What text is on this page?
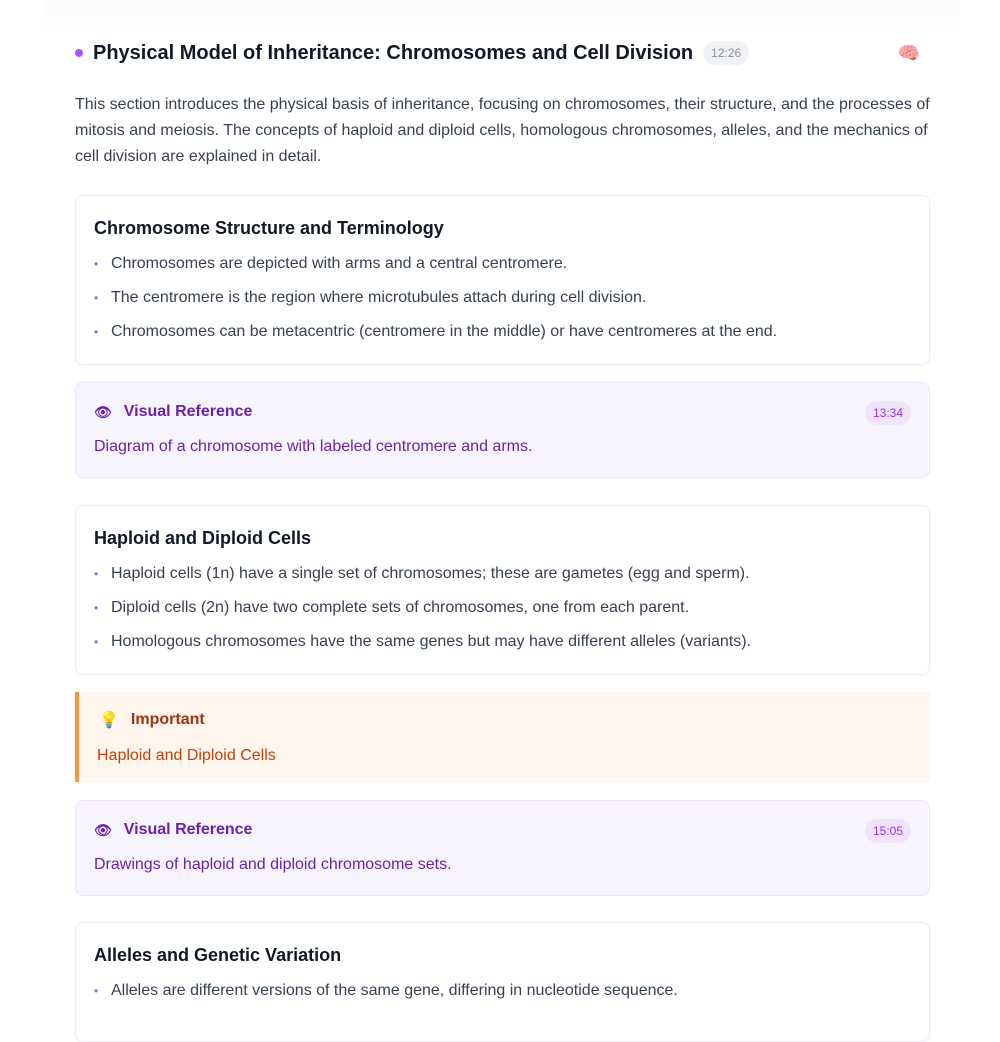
Physical Model of Inheritance: Chromosomes and Cell Division	12:26	🧠

This section introduces the physical basis of inheritance, focusing on chromosomes, their structure, and the processes of mitosis and meiosis. The concepts of haploid and diploid cells, homologous chromosomes, alleles, and the mechanics of cell division are explained in detail.

Chromosome Structure and Terminology
• Chromosomes are depicted with arms and a central centromere.
• The centromere is the region where microtubules attach during cell division.
• Chromosomes can be metacentric (centromere in the middle) or have centromeres at the end.
👁 Visual Reference	13:34
Diagram of a chromosome with labeled centromere and arms.
Haploid and Diploid Cells
• Haploid cells (1n) have a single set of chromosomes; these are gametes (egg and sperm).
• Diploid cells (2n) have two complete sets of chromosomes, one from each parent.
• Homologous chromosomes have the same genes but may have different alleles (variants).
💡 Important
Haploid and Diploid Cells
👁 Visual Reference	15:05
Drawings of haploid and diploid chromosome sets.
Alleles and Genetic Variation
• Alleles are different versions of the same gene, differing in nucleotide sequence.
